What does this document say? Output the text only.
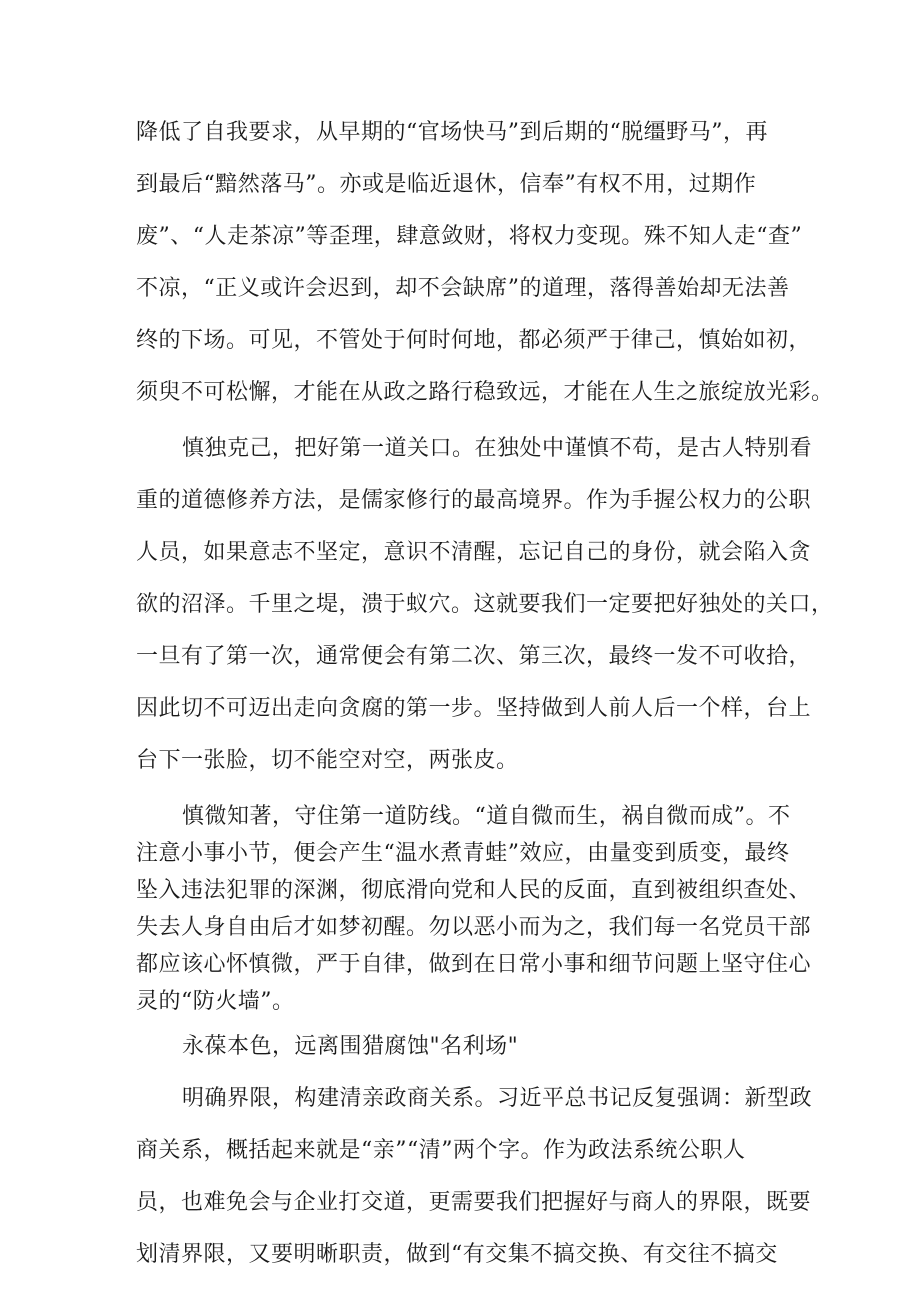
降低了自我要求，从早期的“官场快马”到后期的“脱缰野马”，再
到最后“黯然落马”。亦或是临近退休，信奉”有权不用，过期作
废”、“人走茶凉”等歪理，肆意敛财，将权力变现。殊不知人走“查”
不凉，“正义或许会迟到，却不会缺席”的道理，落得善始却无法善
终的下场。可见，不管处于何时何地，都必须严于律己，慎始如初，
须臾不可松懈，才能在从政之路行稳致远，才能在人生之旅绽放光彩。
慎独克己，把好第一道关口。在独处中谨慎不苟，是古人特别看
重的道德修养方法，是儒家修行的最高境界。作为手握公权力的公职
人员，如果意志不坚定，意识不清醒，忘记自己的身份，就会陷入贪
欲的沼泽。千里之堤，溃于蚁穴。这就要我们一定要把好独处的关口，
一旦有了第一次，通常便会有第二次、第三次，最终一发不可收拾，
因此切不可迈出走向贪腐的第一步。坚持做到人前人后一个样，台上
台下一张脸，切不能空对空，两张皮。
慎微知著，守住第一道防线。“道自微而生，祸自微而成”。不
注意小事小节，便会产生“温水煮青蛙”效应，由量变到质变，最终
坠入违法犯罪的深渊，彻底滑向党和人民的反面，直到被组织查处、
失去人身自由后才如梦初醒。勿以恶小而为之，我们每一名党员干部
都应该心怀慎微，严于自律，做到在日常小事和细节问题上坚守住心
灵的“防火墙”。
永葆本色，远离围猎腐蚀"名利场"
明确界限，构建清亲政商关系。习近平总书记反复强调：新型政
商关系，概括起来就是“亲”“清”两个字。作为政法系统公职人
员，也难免会与企业打交道，更需要我们把握好与商人的界限，既要
划清界限，又要明晰职责，做到“有交集不搞交换、有交往不搞交
